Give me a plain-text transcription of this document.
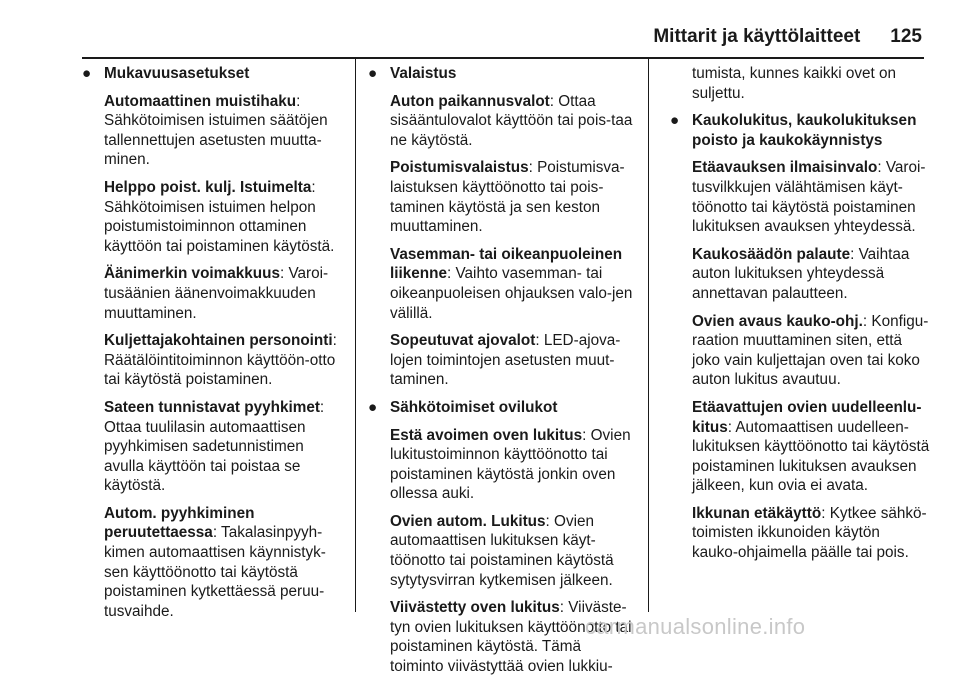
Mittarit ja käyttölaitteet 125
● Mukavuusasetukset
Automaattinen muistihaku: Sähkötoimisen istuimen säätöjen tallennettujen asetusten muutta-minen.
Helppo poist. kulj. Istuimelta: Sähkötoimisen istuimen helpon poistumistoiminnon ottaminen käyttöön tai poistaminen käytöstä.
Äänimerkin voimakkuus: Varoi-tusäänien äänenvoimakkuuden muuttaminen.
Kuljettajakohtainen personointi: Räätälöintitoiminnon käyttöön-otto tai käytöstä poistaminen.
Sateen tunnistavat pyyhkimet: Ottaa tuulilasin automaattisen pyyhkimisen sadetunnistimen avulla käyttöön tai poistaa se käytöstä.
Autom. pyyhkiminen peruutettaessa: Takalasinpyyh-kimen automaattisen käynnistyk-sen käyttöönotto tai käytöstä poistaminen kytkettäessä peruu-tusvaihde.
● Valaistus
Auton paikannusvalot: Ottaa sisääntulovalot käyttöön tai pois-taa ne käytöstä.
Poistumisvalaistus: Poistumisva-laistuksen käyttöönotto tai pois-taminen käytöstä ja sen keston muuttaminen.
Vasemman- tai oikeanpuoleinen liikenne: Vaihto vasemman- tai oikeanpuoleisen ohjauksen valo-jen välillä.
Sopeutuvat ajovalot: LED-ajova-lojen toimintojen asetusten muut-taminen.
● Sähkötoimiset ovilukot
Estä avoimen oven lukitus: Ovien lukitustoiminnon käyttöönotto tai poistaminen käytöstä jonkin oven ollessa auki.
Ovien autom. Lukitus: Ovien automaattisen lukituksen käyt-töönotto tai poistaminen käytöstä sytytysvirran kytkemisen jälkeen.
Viivästetty oven lukitus: Viiväste-tyn ovien lukituksen käyttöönotto tai poistaminen käytöstä. Tämä toiminto viivästyttää ovien lukkiu-
tumista, kunnes kaikki ovet on suljettu.
● Kaukolukitus, kaukolukituksen poisto ja kaukokäynnistys
Etäavauksen ilmaisinvalo: Varoi-tusvilkkujen välähtämisen käyt-töönotto tai käytöstä poistaminen lukituksen avauksen yhteydessä.
Kaukosäädön palaute: Vaihtaa auton lukituksen yhteydessä annettavan palautteen.
Ovien avaus kauko-ohj.: Konfigu-raation muuttaminen siten, että joko vain kuljettajan oven tai koko auton lukitus avautuu.
Etäavattujen ovien uudelleenlu-kitus: Automaattisen uudelleen-lukituksen käyttöönotto tai käytöstä poistaminen lukituksen avauksen jälkeen, kun ovia ei avata.
Ikkunan etäkäyttö: Kytkee sähkö-toimisten ikkunoiden käytön kauko-ohjaimella päälle tai pois.
carmanualsonline.info
